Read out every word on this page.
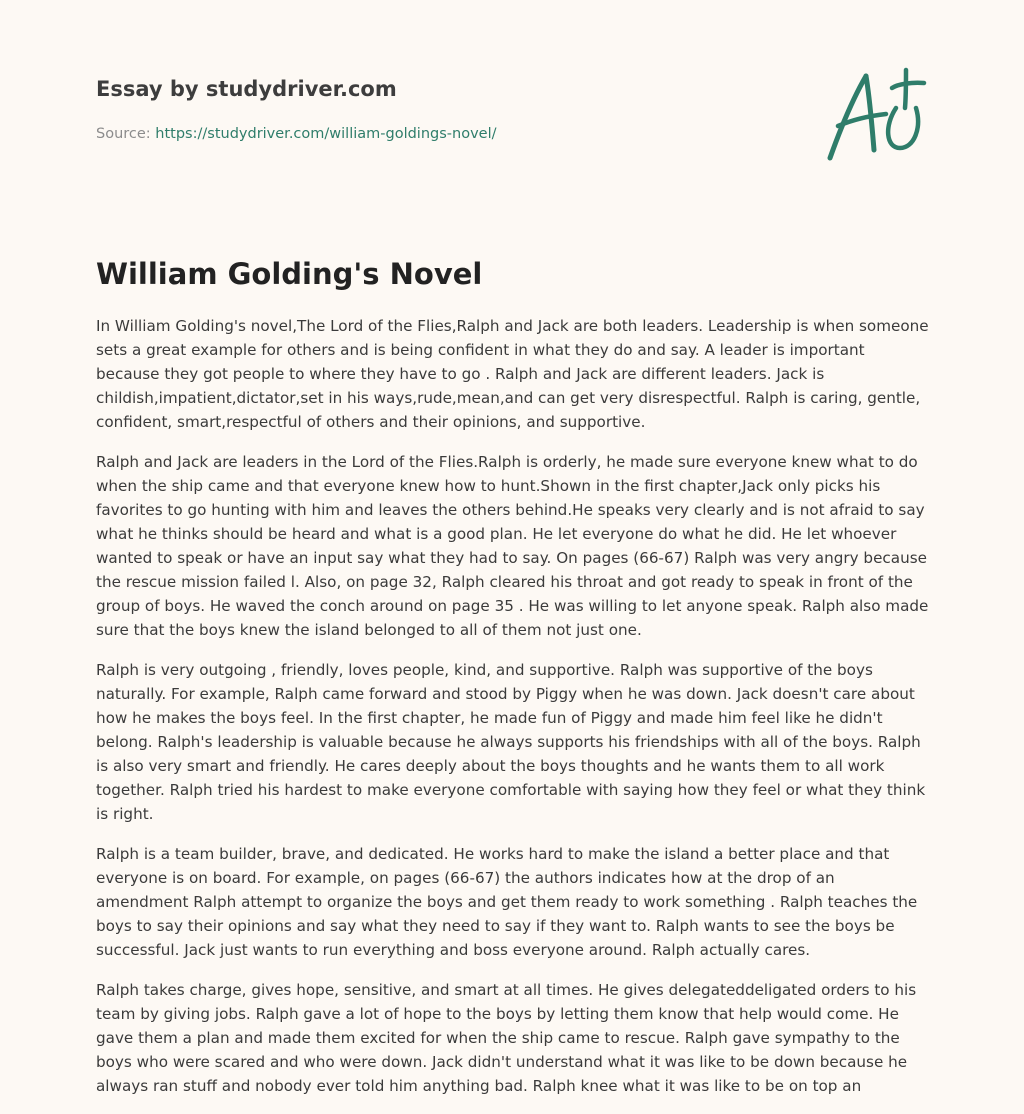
Essay by studydriver.com
Source: https://studydriver.com/william-goldings-novel/
William Golding's Novel

In William Golding's novel,The Lord of the Flies,Ralph and Jack are both leaders. Leadership is when someone sets a great example for others and is being confident in what they do and say. A leader is important because they got people to where they have to go . Ralph and Jack are different leaders. Jack is childish,impatient,dictator,set in his ways,rude,mean,and can get very disrespectful. Ralph is caring, gentle, confident, smart,respectful of others and their opinions, and supportive.

Ralph and Jack are leaders in the Lord of the Flies.Ralph is orderly, he made sure everyone knew what to do when the ship came and that everyone knew how to hunt.Shown in the first chapter,Jack only picks his favorites to go hunting with him and leaves the others behind.He speaks very clearly and is not afraid to say what he thinks should be heard and what is a good plan. He let everyone do what he did. He let whoever wanted to speak or have an input say what they had to say. On pages (66-67) Ralph was very angry because the rescue mission failed l. Also, on page 32, Ralph cleared his throat and got ready to speak in front of the group of boys. He waved the conch around on page 35 . He was willing to let anyone speak. Ralph also made sure that the boys knew the island belonged to all of them not just one.

Ralph is very outgoing , friendly, loves people, kind, and supportive. Ralph was supportive of the boys naturally. For example, Ralph came forward and stood by Piggy when he was down. Jack doesn't care about how he makes the boys feel. In the first chapter, he made fun of Piggy and made him feel like he didn't belong. Ralph's leadership is valuable because he always supports his friendships with all of the boys. Ralph is also very smart and friendly. He cares deeply about the boys thoughts and he wants them to all work together. Ralph tried his hardest to make everyone comfortable with saying how they feel or what they think is right.

Ralph is a team builder, brave, and dedicated. He works hard to make the island a better place and that everyone is on board. For example, on pages (66-67) the authors indicates how at the drop of an amendment Ralph attempt to organize the boys and get them ready to work something . Ralph teaches the boys to say their opinions and say what they need to say if they want to. Ralph wants to see the boys be successful. Jack just wants to run everything and boss everyone around. Ralph actually cares.

Ralph takes charge, gives hope, sensitive, and smart at all times. He gives delegateddeligated orders to his team by giving jobs. Ralph gave a lot of hope to the boys by letting them know that help would come. He gave them a plan and made them excited for when the ship came to rescue. Ralph gave sympathy to the boys who were scared and who were down. Jack didn't understand what it was like to be down because he always ran stuff and nobody ever told him anything bad. Ralph knee what it was like to be on top an
